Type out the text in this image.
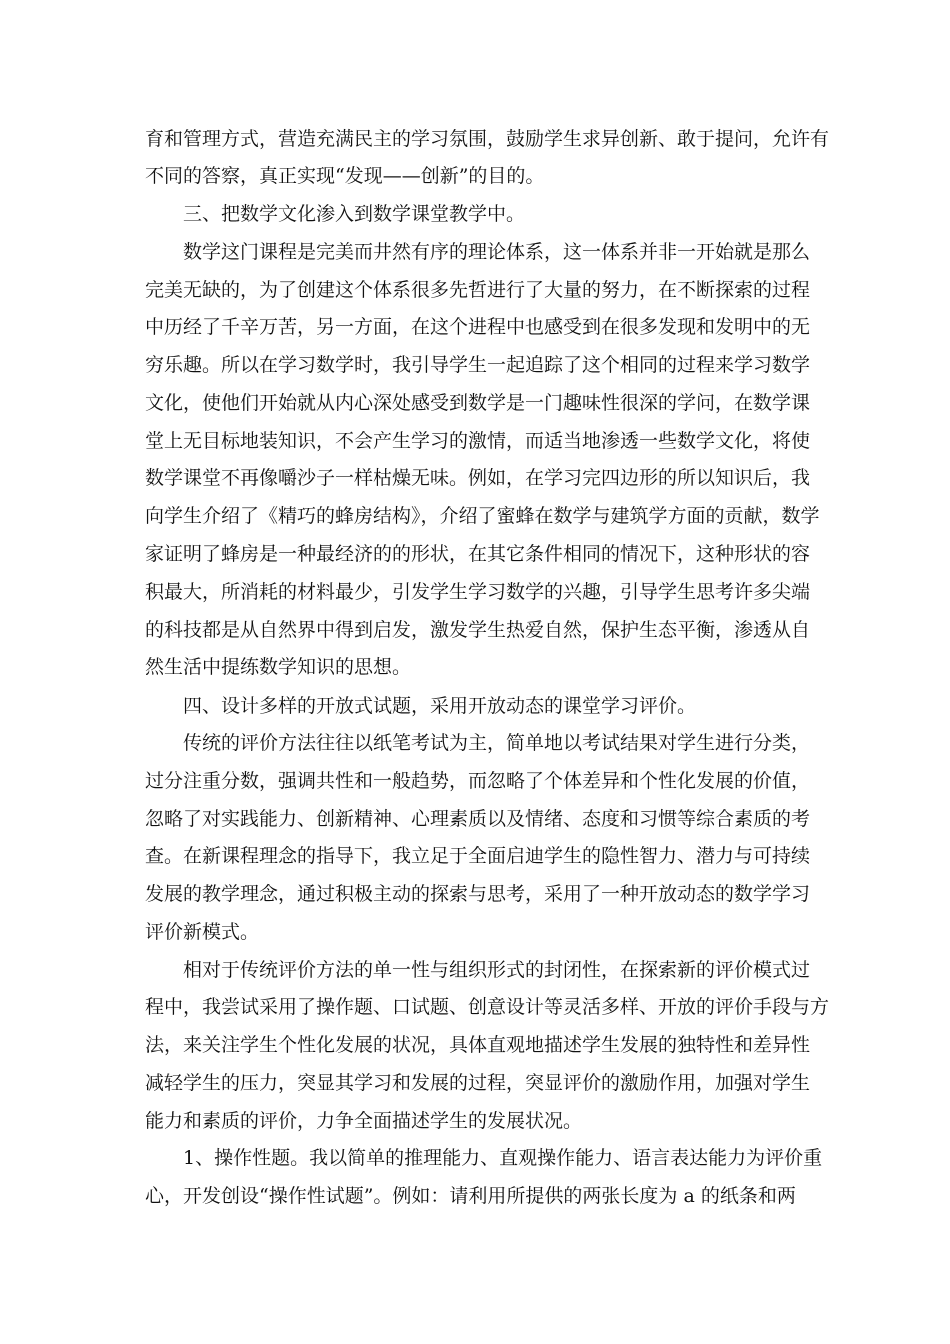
育和管理方式，营造充满民主的学习氛围，鼓励学生求异创新、敢于提问，允许有
不同的答察，真正实现“发现——创新”的目的。
三、把数学文化渗入到数学课堂教学中。
数学这门课程是完美而井然有序的理论体系，这一体系并非一开始就是那么
完美无缺的，为了创建这个体系很多先哲进行了大量的努力，在不断探索的过程
中历经了千辛万苦，另一方面，在这个进程中也感受到在很多发现和发明中的无
穷乐趣。所以在学习数学时，我引导学生一起追踪了这个相同的过程来学习数学
文化，使他们开始就从内心深处感受到数学是一门趣味性很深的学问，在数学课
堂上无目标地装知识，不会产生学习的激情，而适当地渗透一些数学文化，将使
数学课堂不再像嚼沙子一样枯燥无味。例如，在学习完四边形的所以知识后，我
向学生介绍了《精巧的蜂房结构》，介绍了蜜蜂在数学与建筑学方面的贡献，数学
家证明了蜂房是一种最经济的的形状，在其它条件相同的情况下，这种形状的容
积最大，所消耗的材料最少，引发学生学习数学的兴趣，引导学生思考许多尖端
的科技都是从自然界中得到启发，激发学生热爱自然，保护生态平衡，渗透从自
然生活中提练数学知识的思想。
四、设计多样的开放式试题，采用开放动态的课堂学习评价。
传统的评价方法往往以纸笔考试为主，简单地以考试结果对学生进行分类，
过分注重分数，强调共性和一般趋势，而忽略了个体差异和个性化发展的价值，
忽略了对实践能力、创新精神、心理素质以及情绪、态度和习惯等综合素质的考
查。在新课程理念的指导下，我立足于全面启迪学生的隐性智力、潜力与可持续
发展的教学理念，通过积极主动的探索与思考，采用了一种开放动态的数学学习
评价新模式。
相对于传统评价方法的单一性与组织形式的封闭性，在探索新的评价模式过
程中，我尝试采用了操作题、口试题、创意设计等灵活多样、开放的评价手段与方
法，来关注学生个性化发展的状况，具体直观地描述学生发展的独特性和差异性
减轻学生的压力，突显其学习和发展的过程，突显评价的激励作用，加强对学生
能力和素质的评价，力争全面描述学生的发展状况。
1、操作性题。我以简单的推理能力、直观操作能力、语言表达能力为评价重
心，开发创设“操作性试题”。例如：请利用所提供的两张长度为 a 的纸条和两
